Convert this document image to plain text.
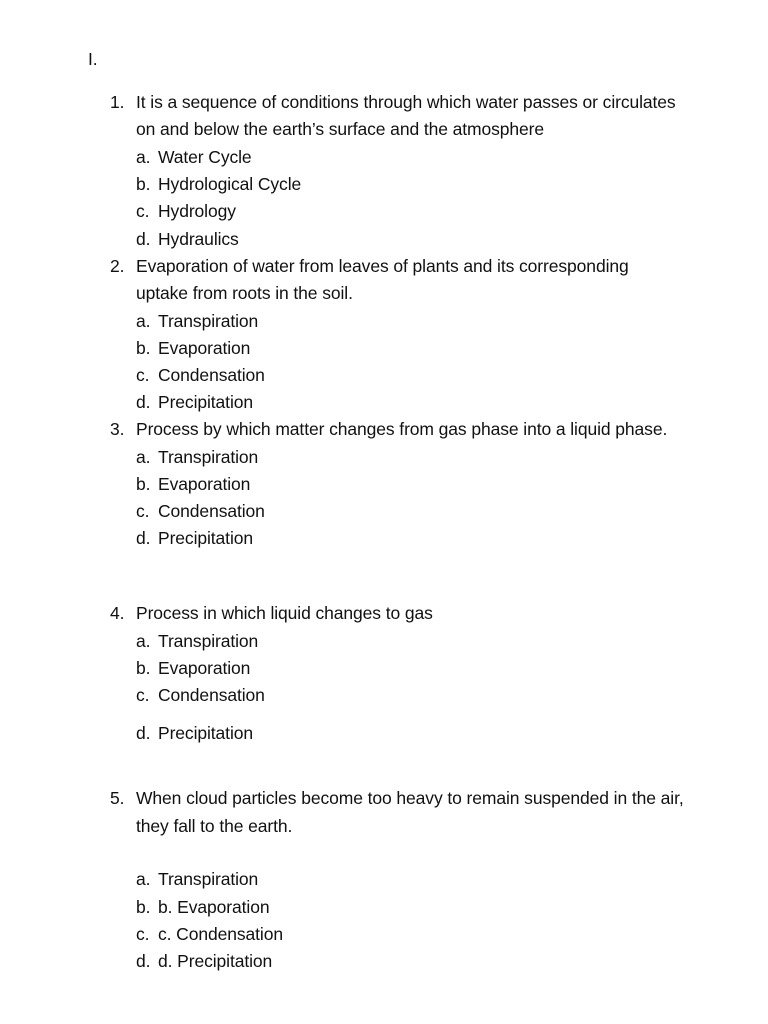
I.
1. It is a sequence of conditions through which water passes or circulates
on and below the earth’s surface and the atmosphere
a. Water Cycle
b. Hydrological Cycle
c. Hydrology
d. Hydraulics
2. Evaporation of water from leaves of plants and its corresponding
uptake from roots in the soil.
a. Transpiration
b. Evaporation
c. Condensation
d. Precipitation
3. Process by which matter changes from gas phase into a liquid phase.
a. Transpiration
b. Evaporation
c. Condensation
d. Precipitation
4. Process in which liquid changes to gas
a. Transpiration
b. Evaporation
c. Condensation
d. Precipitation
5. When cloud particles become too heavy to remain suspended in the air,
they fall to the earth.
a. Transpiration
b. b. Evaporation
c. c. Condensation
d. d. Precipitation
